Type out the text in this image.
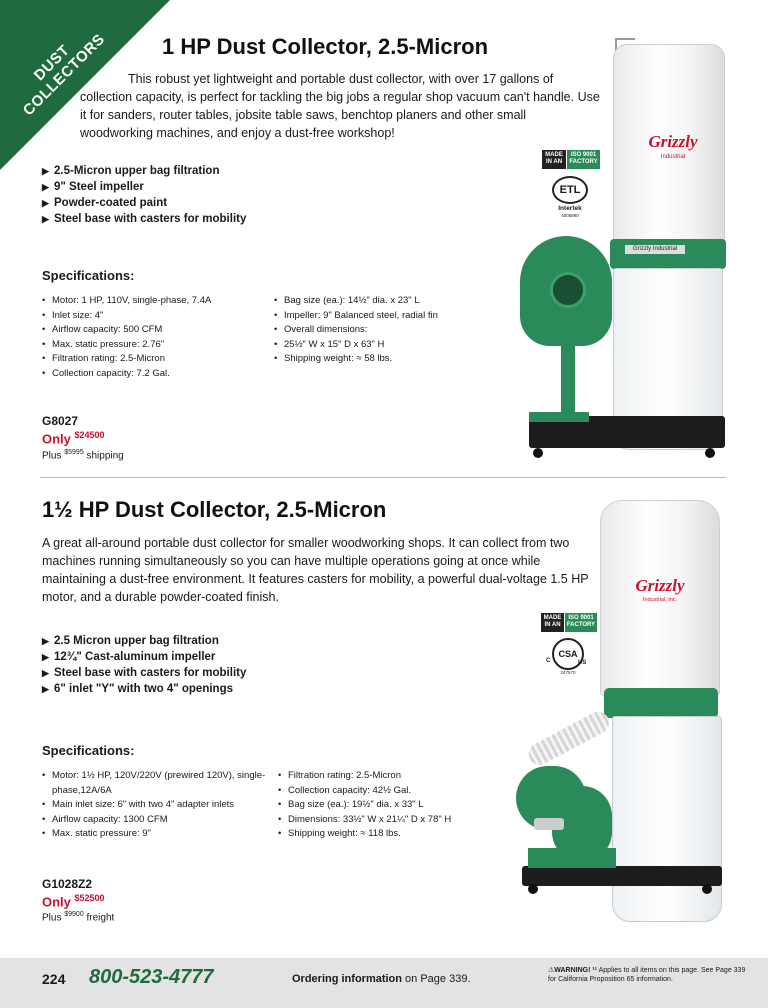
DUST COLLECTORS	1 HP Dust Collector, 2.5-Micron
This robust yet lightweight and portable dust collector, with over 17 gallons of collection capacity, is perfect for tackling the big jobs a regular shop vacuum can't handle. Use it for sanders, router tables, jobsite table saws, benchtop planers and other small woodworking machines, and enjoy a dust-free workshop!
▶ 2.5-Micron upper bag filtration
▶ 9" Steel impeller
▶ Powder-coated paint
▶ Steel base with casters for mobility
Specifications:
• Motor: 1 HP, 110V, single-phase, 7.4A
• Inlet size: 4"
• Airflow capacity: 500 CFM
• Max. static pressure: 2.76"
• Filtration rating: 2.5-Micron
• Collection capacity: 7.2 Gal.
• Bag size (ea.): 14½" dia. x 23" L
• Impeller: 9" Balanced steel, radial fin
• Overall dimensions:
• 25½" W x 15" D x 63" H
• Shipping weight: ≈ 58 lbs.
G8027
Only $^{\$24500}$
Plus $^{\$5995}$ shipping
Grizzly
Industrial
Grizzly Industrial
MADE IN AN
ISO 9001 FACTORY
ETL
Intertek
4005890
1½ HP Dust Collector, 2.5-Micron
A great all-around portable dust collector for smaller woodworking shops. It can collect from two machines running simultaneously so you can have multiple operations going at once while maintaining a dust-free environment. It features casters for mobility, a powerful dual-voltage 1.5 HP motor, and a durable powder-coated finish.
▶ 2.5 Micron upper bag filtration
▶ 12¾" Cast-aluminum impeller
▶ Steel base with casters for mobility
▶ 6" inlet "Y" with two 4" openings
Specifications:
• Motor: 1½ HP, 120V/220V (prewired 120V), single-phase,12A/6A
• Main inlet size: 6" with two 4" adapter inlets
• Airflow capacity: 1300 CFM
• Max. static pressure: 9"
• Filtration rating: 2.5-Micron
• Collection capacity: 42½ Gal.
• Bag size (ea.): 19½" dia. x 33" L
• Dimensions: 33½" W x 21¼" D x 78" H
• Shipping weight: ≈ 118 lbs.
G1028Z2
Only $^{\$52500}$
Plus $^{\$9900}$ freight
Grizzly
Industrial, Inc.
MADE IN AN
ISO 9001 FACTORY
CSA
C	US
247570
224 800-523-4777	Ordering information on Page 339.
⚠WARNING! ¹¹ Applies to all items on this page. See Page 339 for California Proposition 65 information.
